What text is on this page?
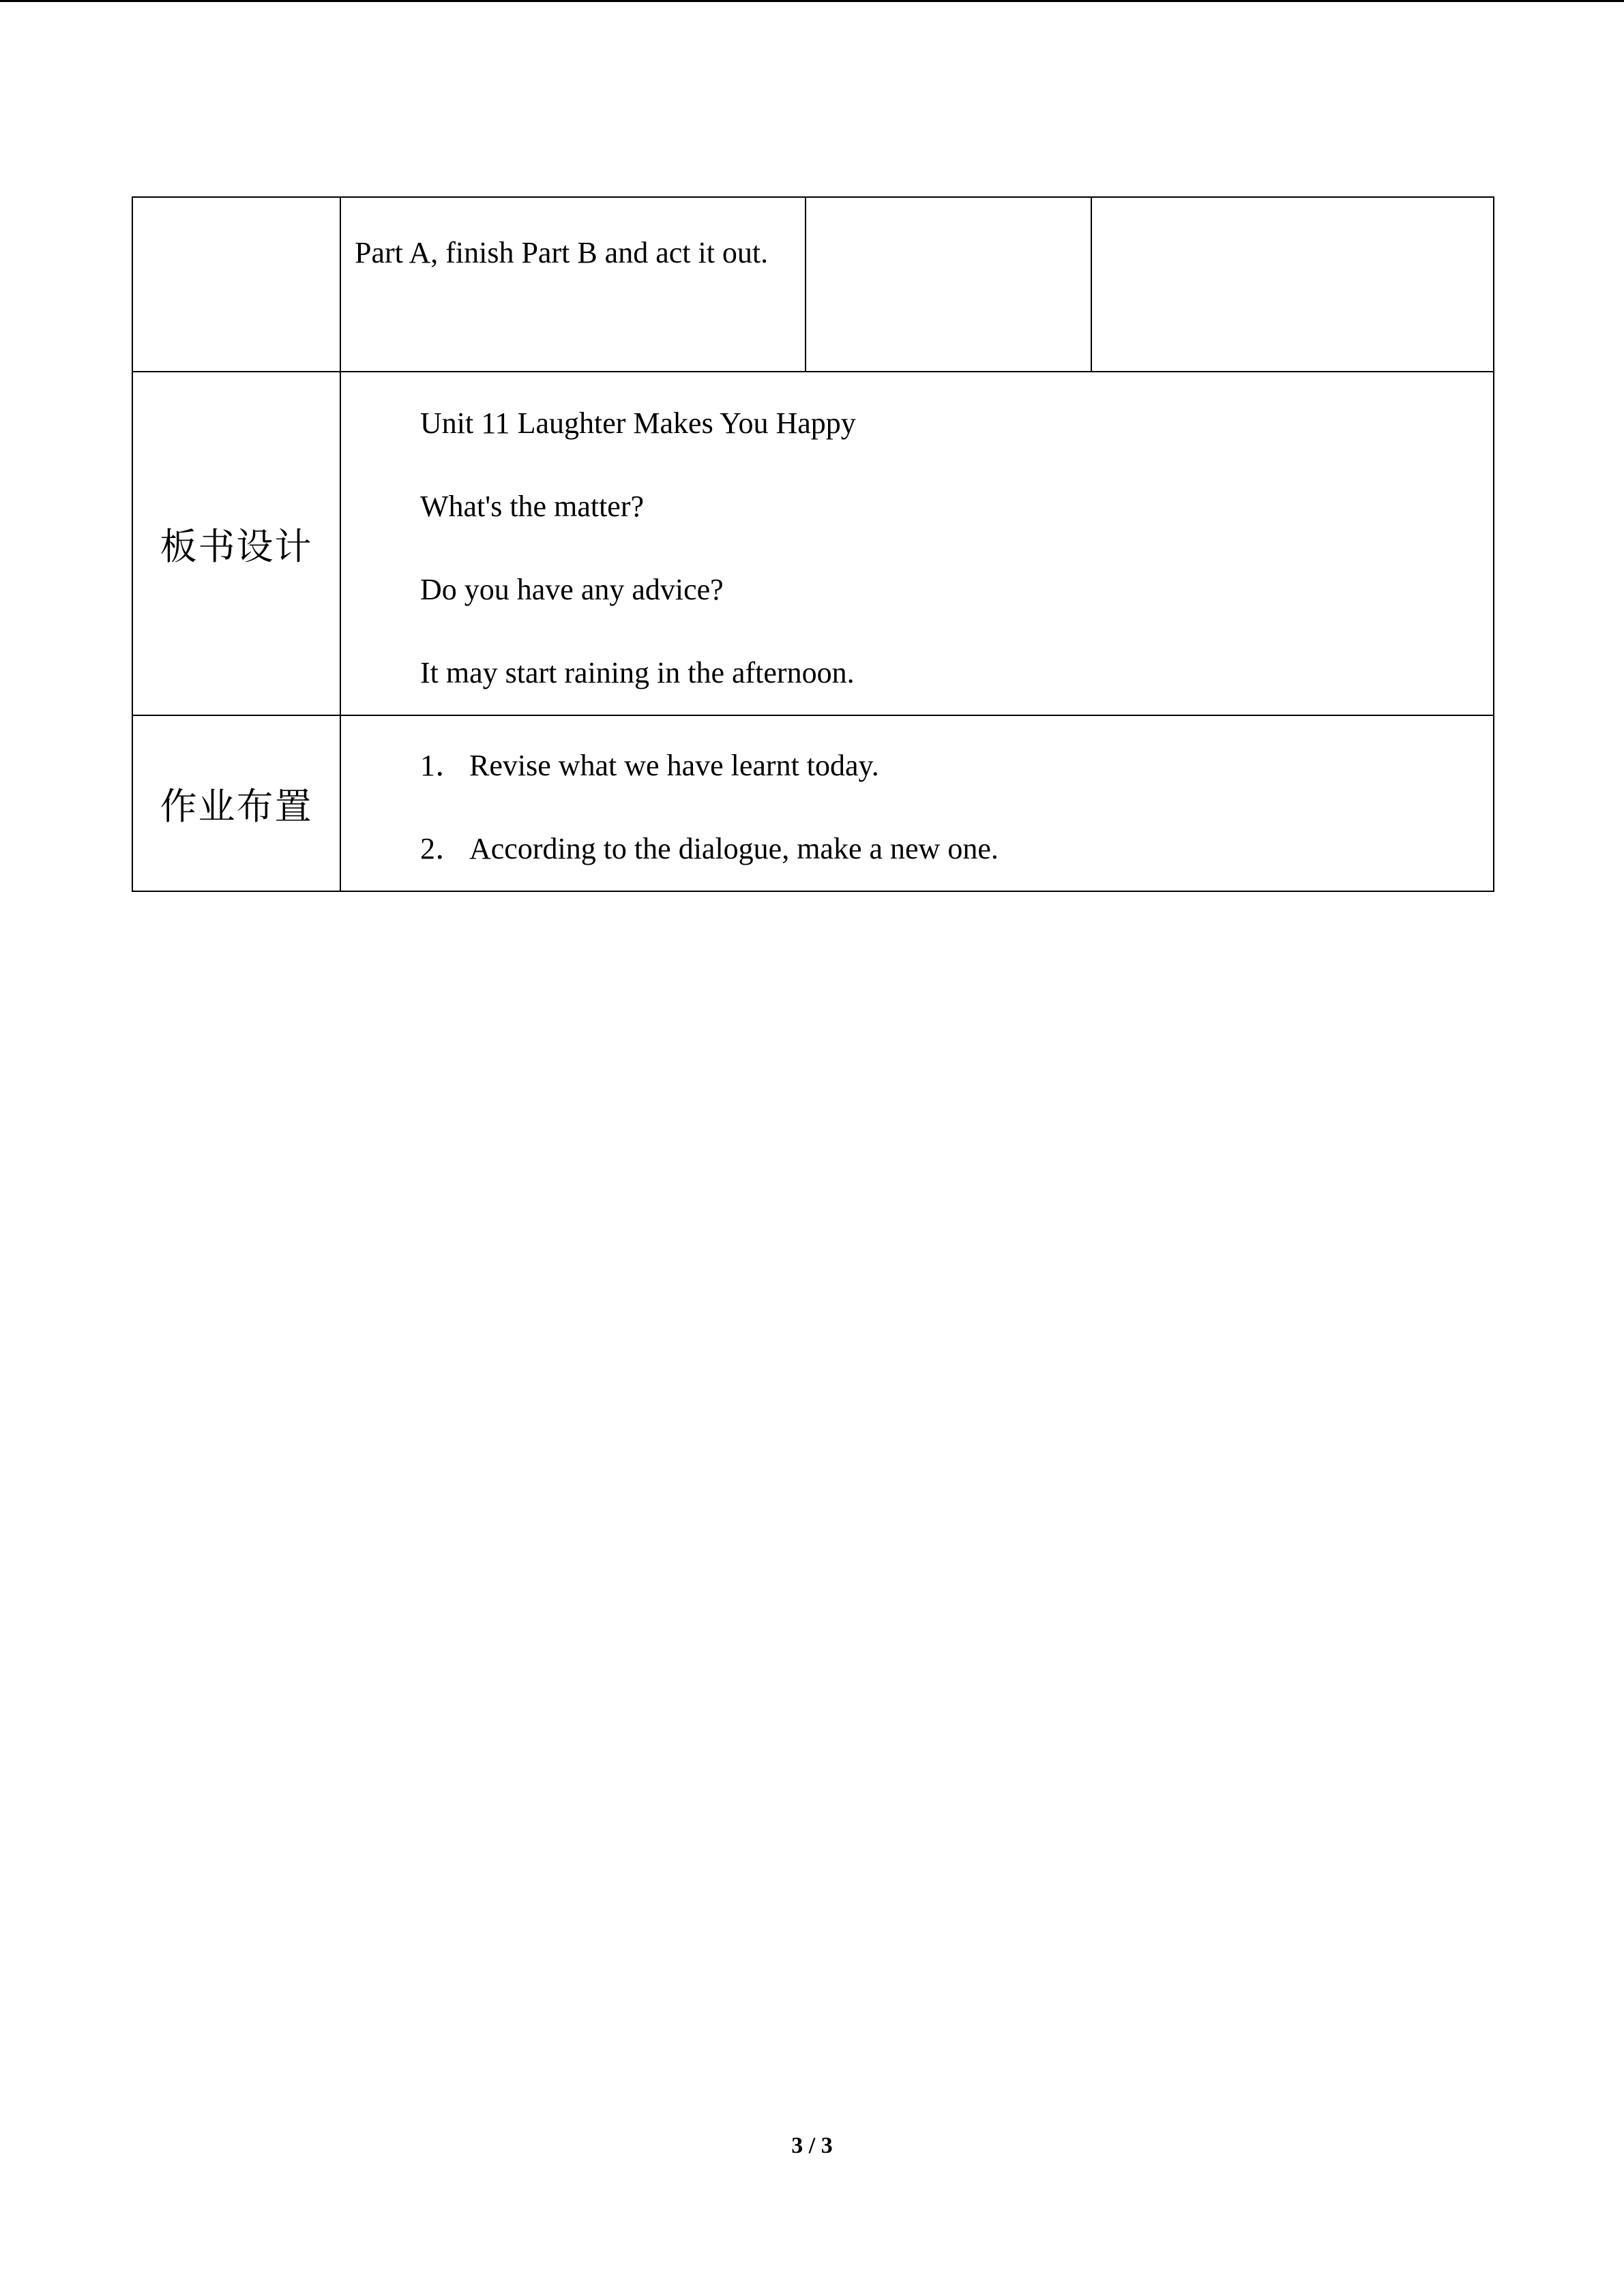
	Part A, finish Part B and act it out.		

板书设计	Unit 11 Laughter Makes You Happy
What's the matter?
Do you have any advice?
It may start raining in the afternoon.		

作业布置	1． Revise what we have learnt today.
2． According to the dialogue, make a new one.		
3 / 3
